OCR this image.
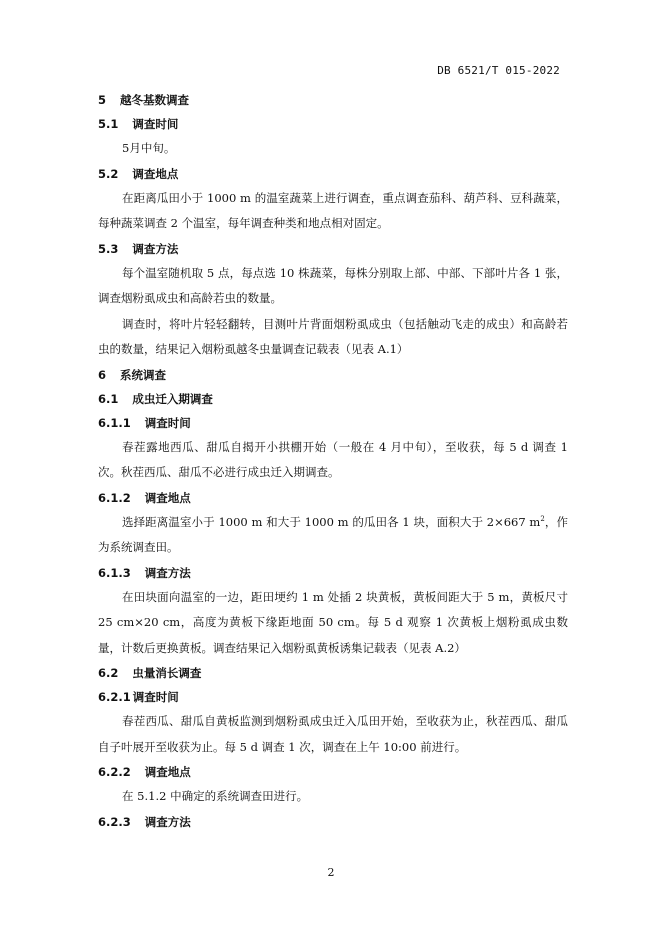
DB 6521/T 015-2022
5 越冬基数调查
5.1 调查时间

5月中旬。

5.2 调查地点

在距离瓜田小于 1000 m 的温室蔬菜上进行调查，重点调查茄科、葫芦科、豆科蔬菜，每种蔬菜调查 2 个温室，每年调查种类和地点相对固定。

5.3 调查方法

每个温室随机取 5 点，每点选 10 株蔬菜，每株分别取上部、中部、下部叶片各 1 张，调查烟粉虱成虫和高龄若虫的数量。

调查时，将叶片轻轻翻转，目测叶片背面烟粉虱成虫（包括触动飞走的成虫）和高龄若虫的数量，结果记入烟粉虱越冬虫量调查记载表（见表 A.1）

6 系统调查
6.1 成虫迁入期调查
6.1.1 调查时间

春茬露地西瓜、甜瓜自揭开小拱棚开始（一般在 4 月中旬），至收获，每 5 d 调查 1 次。秋茬西瓜、甜瓜不必进行成虫迁入期调查。

6.1.2 调查地点

选择距离温室小于 1000 m 和大于 1000 m 的瓜田各 1 块，面积大于 2×667 $m^2$，作为系统调查田。

6.1.3 调查方法

在田块面向温室的一边，距田埂约 1 m 处插 2 块黄板，黄板间距大于 5 m，黄板尺寸 25 cm×20 cm，高度为黄板下缘距地面 50 cm。每 5 d 观察 1 次黄板上烟粉虱成虫数量，计数后更换黄板。调查结果记入烟粉虱黄板诱集记载表（见表 A.2）

6.2 虫量消长调查
6.2.1 调查时间

春茬西瓜、甜瓜自黄板监测到烟粉虱成虫迁入瓜田开始，至收获为止，秋茬西瓜、甜瓜自子叶展开至收获为止。每 5 d 调查 1 次，调查在上午 10:00 前进行。

6.2.2 调查地点

在 5.1.2 中确定的系统调查田进行。

6.2.3 调查方法
2
